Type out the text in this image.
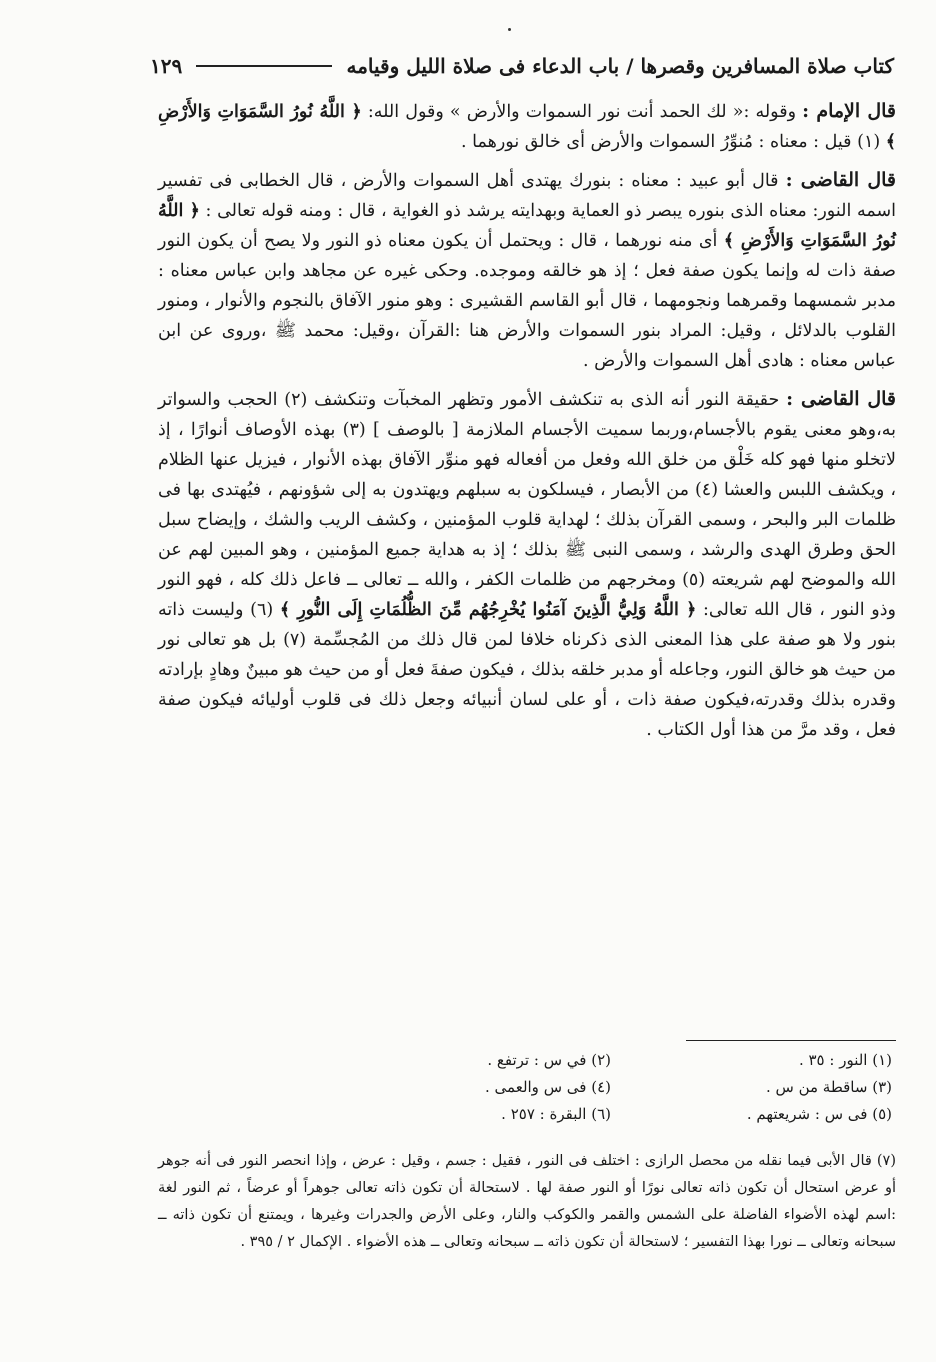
كتاب صلاة المسافرين وقصرها / باب الدعاء فى صلاة الليل وقيامه
١٢٩

قال الإمام : وقوله :« لك الحمد أنت نور السموات والأرض » وقول الله: ﴿ اللَّهُ نُورُ السَّمَوَاتِ وَالأَرْضِ ﴾ (١) قيل : معناه : مُنوِّرُ السموات والأرض أى خالق نورهما .

قال القاضى : قال أبو عبيد : معناه : بنورك يهتدى أهل السموات والأرض ، قال الخطابى فى تفسير اسمه النور: معناه الذى بنوره يبصر ذو العماية وبهدايته يرشد ذو الغواية ، قال : ومنه قوله تعالى : ﴿ اللَّهُ نُورُ السَّمَوَاتِ وَالأَرْضِ ﴾ أى منه نورهما ، قال : ويحتمل أن يكون معناه ذو النور ولا يصح أن يكون النور صفة ذات له وإنما يكون صفة فعل ؛ إذ هو خالقه وموجده. وحكى غيره عن مجاهد وابن عباس معناه : مدبر شمسهما وقمرهما ونجومهما ، قال أبو القاسم القشيرى : وهو منور الآفاق بالنجوم والأنوار ، ومنور القلوب بالدلائل ، وقيل: المراد بنور السموات والأرض هنا :القرآن ،وقيل: محمد ﷺ ،وروى عن ابن عباس معناه : هادى أهل السموات والأرض .

قال القاضى : حقيقة النور أنه الذى به تنكشف الأمور وتظهر المخبآت وتنكشف (٢) الحجب والسواتر به،وهو معنى يقوم بالأجسام،وربما سميت الأجسام الملازمة [ بالوصف ] (٣) بهذه الأوصاف أنوارًا ، إذ لاتخلو منها فهو كله خَلْق من خلق الله وفعل من أفعاله فهو منوِّر الآفاق بهذه الأنوار ، فيزيل عنها الظلام ، ويكشف اللبس والعشا (٤) من الأبصار ، فيسلكون به سبلهم ويهتدون به إلى شؤونهم ، فيُهتدى بها فى ظلمات البر والبحر ، وسمى القرآن بذلك ؛ لهداية قلوب المؤمنين ، وكشف الريب والشك ، وإيضاح سبل الحق وطرق الهدى والرشد ، وسمى النبى ﷺ بذلك ؛ إذ به هداية جميع المؤمنين ، وهو المبين لهم عن الله والموضح لهم شريعته (٥) ومخرجهم من ظلمات الكفر ، والله ــ تعالى ــ فاعل ذلك كله ، فهو النور وذو النور ، قال الله تعالى: ﴿ اللَّهُ وَلِيُّ الَّذِينَ آمَنُوا يُخْرِجُهُم مِّنَ الظُّلُمَاتِ إِلَى النُّورِ ﴾ (٦) وليست ذاته بنور ولا هو صفة على هذا المعنى الذى ذكرناه خلافا لمن قال ذلك من المُجسِّمة (٧) بل هو تعالى نور من حيث هو خالق النور، وجاعله أو مدبر خلقه بذلك ، فيكون صفةَ فعل أو من حيث هو مبينٌ وهادٍ بإرادته وقدره بذلك وقدرته،فيكون صفة ذات ، أو على لسان أنبيائه وجعل ذلك فى قلوب أوليائه فيكون صفة فعل ، وقد مرَّ من هذا أول الكتاب .

(١) النور : ٣٥ .
(٢) في س : ترتفع .
(٣) ساقطة من س .
(٤) فى س والعمى .
(٥) فى س : شريعتهم .
(٦) البقرة : ٢٥٧ .
(٧) قال الأبى فيما نقله من محصل الرازى : اختلف فى النور ، فقيل : جسم ، وقيل : عرض ، وإذا انحصر النور فى أنه جوهر أو عرض استحال أن تكون ذاته تعالى نورًا أو النور صفة لها . لاستحالة أن تكون ذاته تعالى جوهراً أو عرضاً ، ثم النور لغة :اسم لهذه الأضواء الفاضلة على الشمس والقمر والكوكب والنار، وعلى الأرض والجدرات وغيرها ، ويمتنع أن تكون ذاته ــ سبحانه وتعالى ــ نورا بهذا التفسير ؛ لاستحالة أن تكون ذاته ــ سبحانه وتعالى ــ هذه الأضواء . الإكمال ٢ / ٣٩٥ .
